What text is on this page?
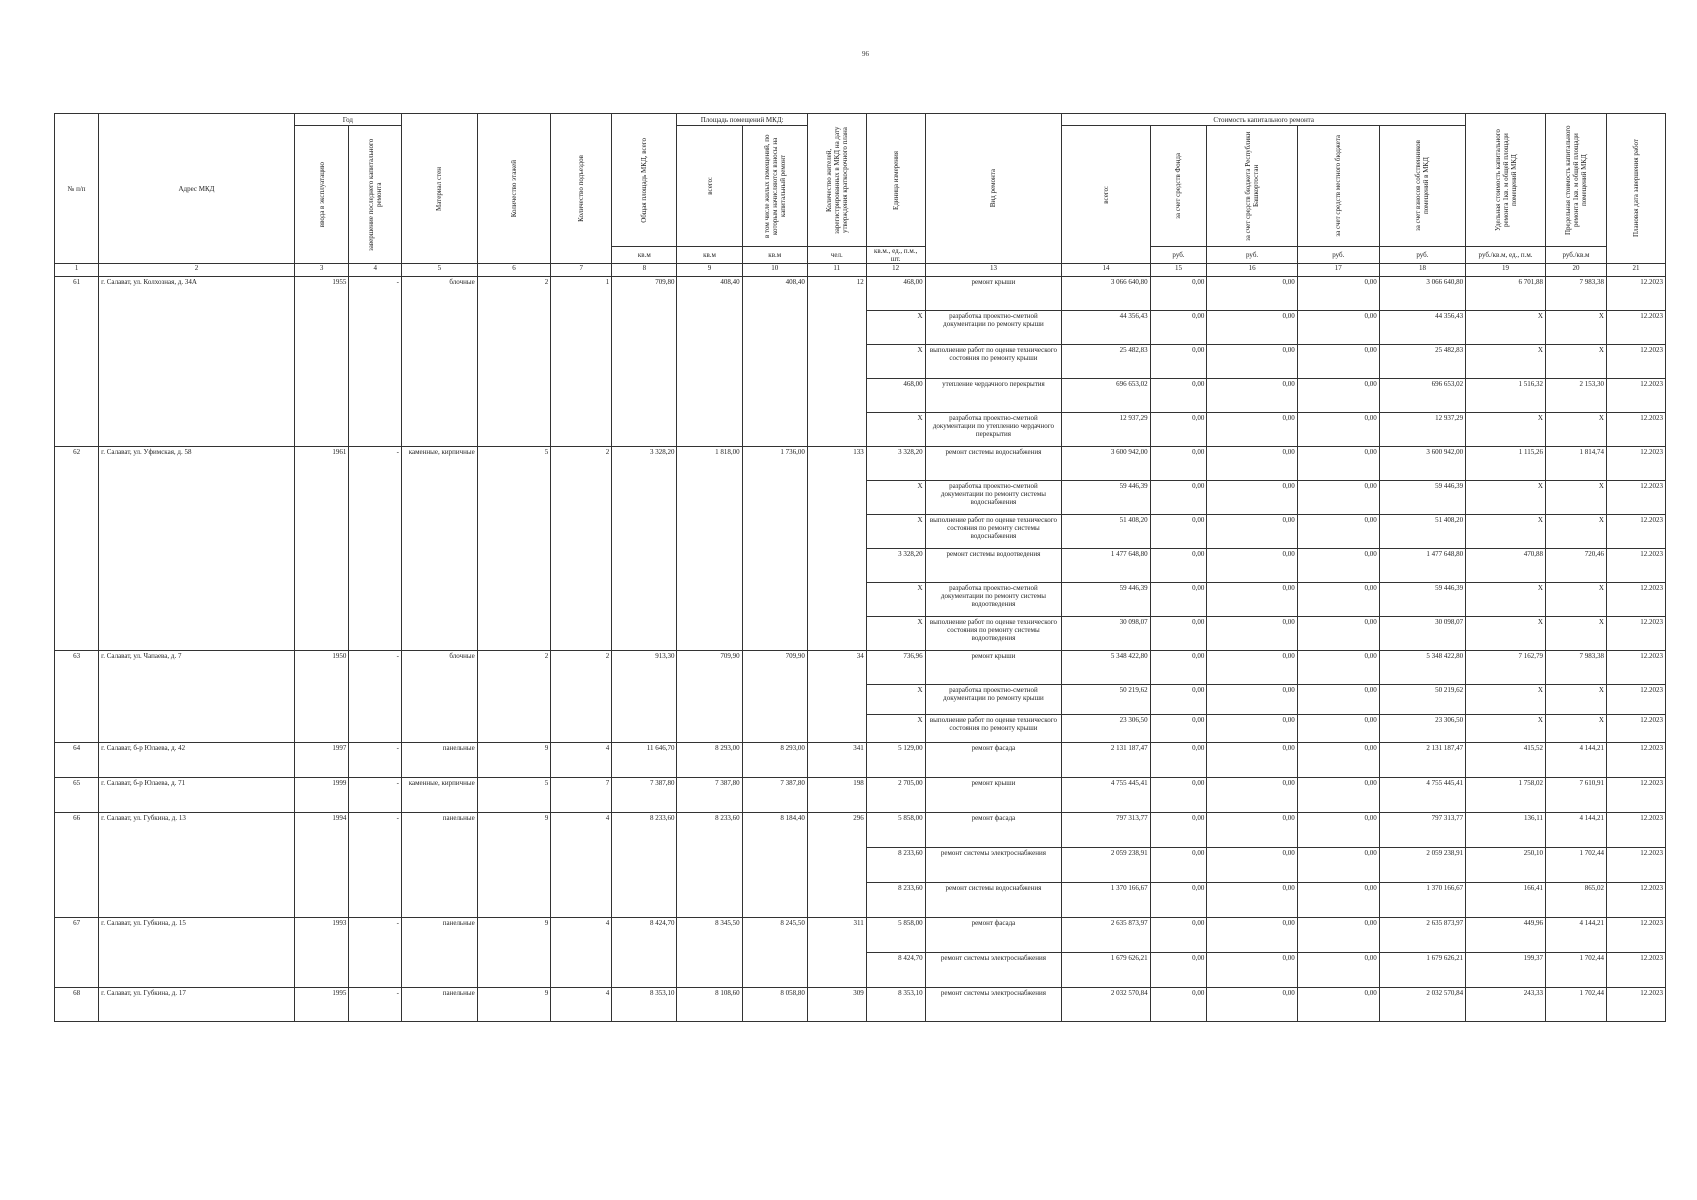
96
№ п/п	Адрес МКД	Год		Материал стен	Количество этажей	Количество подъездов	Общая площадь МКД, всего	Площадь помещений МКД:		Количество жителей, зарегистрированных в МКД на дату утверждения краткосрочного плана	Единица измерения	Вид ремонта	Стоимость капитального ремонта					Удельная стоимость капитального ремонта 1кв. м общей площади помещений МКД	Предельная стоимость капитального ремонта 1кв. м общей площади помещений МКД	Плановая дата завершения работ

		ввода в эксплуатацию	завершение последнего капитального ремонта					всего:	в том числе жилых помещений, по которым начисляются взносы на капитальный ремонт				всего:	за счет средств Фонда	за счет средств бюджета Республики Башкортостан	за счет средств местного бюджета	за счет взносов собственников помещений в МКД			

							кв.м	кв.м	кв.м	чел.	кв.м., ед., п.м., шт.			руб.	руб.	руб.	руб.	руб./кв.м, ед., п.м.	руб./кв.м	
1	2	3	4	5	6	7	8	9	10	11	12	13	14	15	16	17	18	19	20	21
61	г. Салават, ул. Колхозная, д. 34А	1955	-	блочные	2	1	709,80	408,40	408,40	12	468,00	ремонт крыши	3 066 640,80	0,00	0,00	0,00	3 066 640,80	6 701,88	7 983,38	12.2023
											X	разработка проектно-сметной документации по ремонту крыши	44 356,43	0,00	0,00	0,00	44 356,43	X	X	12.2023
											X	выполнение работ по оценке технического состояния по ремонту крыши	25 482,83	0,00	0,00	0,00	25 482,83	X	X	12.2023
											468,00	утепление чердачного перекрытия	696 653,02	0,00	0,00	0,00	696 653,02	1 516,32	2 153,30	12.2023
											X	разработка проектно-сметной документации по утеплению чердачного перекрытия	12 937,29	0,00	0,00	0,00	12 937,29	X	X	12.2023
62	г. Салават, ул. Уфимская, д. 58	1961	-	каменные, кирпичные	5	2	3 328,20	1 818,00	1 736,00	133	3 328,20	ремонт системы водоснабжения	3 600 942,00	0,00	0,00	0,00	3 600 942,00	1 115,26	1 814,74	12.2023
											X	разработка проектно-сметной документации по ремонту системы водоснабжения	59 446,39	0,00	0,00	0,00	59 446,39	X	X	12.2023
											X	выполнение работ по оценке технического состояния по ремонту системы водоснабжения	51 408,20	0,00	0,00	0,00	51 408,20	X	X	12.2023
											3 328,20	ремонт системы водоотведения	1 477 648,80	0,00	0,00	0,00	1 477 648,80	470,88	720,46	12.2023
											X	разработка проектно-сметной документации по ремонту системы водоотведения	59 446,39	0,00	0,00	0,00	59 446,39	X	X	12.2023
											X	выполнение работ по оценке технического состояния по ремонту системы водоотведения	30 098,07	0,00	0,00	0,00	30 098,07	X	X	12.2023
63	г. Салават, ул. Чапаева, д. 7	1950	-	блочные	2	2	913,30	709,90	709,90	34	736,96	ремонт крыши	5 348 422,80	0,00	0,00	0,00	5 348 422,80	7 162,79	7 983,38	12.2023
											X	разработка проектно-сметной документации по ремонту крыши	50 219,62	0,00	0,00	0,00	50 219,62	X	X	12.2023
											X	выполнение работ по оценке технического состояния по ремонту крыши	23 306,50	0,00	0,00	0,00	23 306,50	X	X	12.2023
64	г. Салават, б-р Юлаева, д. 42	1997	-	панельные	9	4	11 646,70	8 293,00	8 293,00	341	5 129,00	ремонт фасада	2 131 187,47	0,00	0,00	0,00	2 131 187,47	415,52	4 144,21	12.2023
65	г. Салават, б-р Юлаева, д. 71	1999	-	каменные, кирпичные	5	7	7 387,80	7 387,80	7 387,80	198	2 705,00	ремонт крыши	4 755 445,41	0,00	0,00	0,00	4 755 445,41	1 758,02	7 610,91	12.2023
66	г. Салават, ул. Губкина, д. 13	1994	-	панельные	9	4	8 233,60	8 233,60	8 184,40	296	5 858,00	ремонт фасада	797 313,77	0,00	0,00	0,00	797 313,77	136,11	4 144,21	12.2023
											8 233,60	ремонт системы электроснабжения	2 059 238,91	0,00	0,00	0,00	2 059 238,91	250,10	1 702,44	12.2023
											8 233,60	ремонт системы водоснабжения	1 370 166,67	0,00	0,00	0,00	1 370 166,67	166,41	865,02	12.2023
67	г. Салават, ул. Губкина, д. 15	1993	-	панельные	9	4	8 424,70	8 345,50	8 245,50	311	5 858,00	ремонт фасада	2 635 873,97	0,00	0,00	0,00	2 635 873,97	449,96	4 144,21	12.2023
											8 424,70	ремонт системы электроснабжения	1 679 626,21	0,00	0,00	0,00	1 679 626,21	199,37	1 702,44	12.2023
68	г. Салават, ул. Губкина, д. 17	1995	-	панельные	9	4	8 353,10	8 108,60	8 058,80	309	8 353,10	ремонт системы электроснабжения	2 032 570,84	0,00	0,00	0,00	2 032 570,84	243,33	1 702,44	12.2023
